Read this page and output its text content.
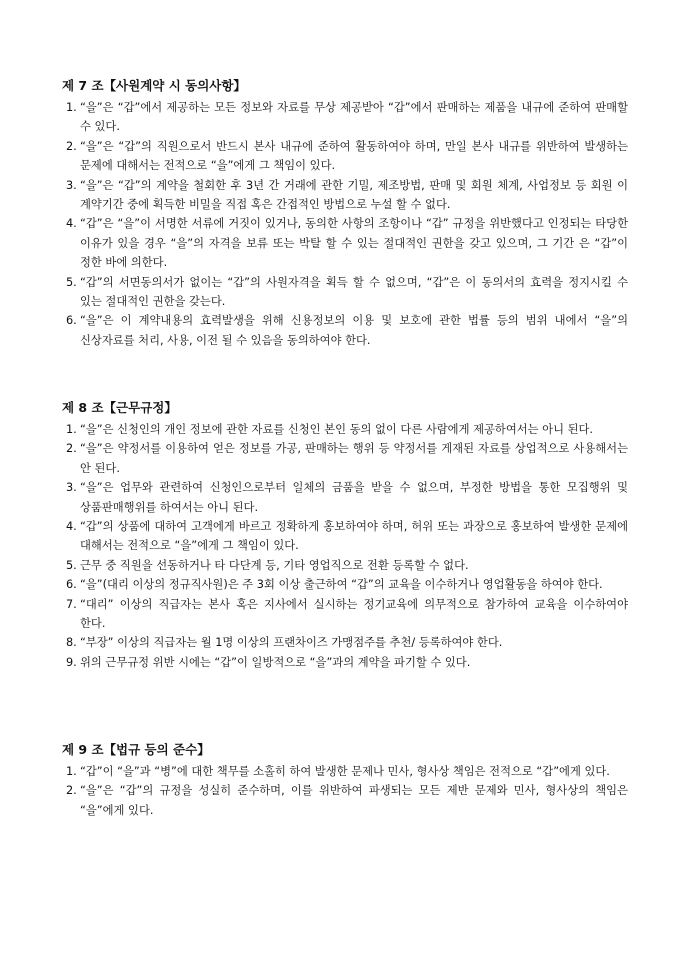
제 7 조【사원계약 시 동의사항】
1. “을”은 “갑”에서 제공하는 모든 정보와 자료를 무상 제공받아 “갑”에서 판매하는 제품을 내규에 준하여 판매할 수 있다.
2. “을”은 “갑”의 직원으로서 반드시 본사 내규에 준하여 활동하여야 하며, 만일 본사 내규를 위반하여 발생하는 문제에 대해서는 전적으로 “을”에게 그 책임이 있다.
3. “을”은 “갑”의 계약을 철회한 후 3년 간 거래에 관한 기밀, 제조방법, 판매 및 회원 체계, 사업정보 등 회원 이 계약기간 중에 획득한 비밀을 직접 혹은 간접적인 방법으로 누설 할 수 없다.
4. “갑”은 “을”이 서명한 서류에 거짓이 있거나, 동의한 사항의 조항이나 “갑” 규정을 위반했다고 인정되는 타당한 이유가 있을 경우 “을”의 자격을 보류 또는 박탈 할 수 있는 절대적인 권한을 갖고 있으며, 그 기간 은 “갑”이 정한 바에 의한다.
5. “갑”의 서면동의서가 없이는 “갑”의 사원자격을 획득 할 수 없으며, “갑”은 이 동의서의 효력을 정지시킬 수 있는 절대적인 권한을 갖는다.
6. “을”은 이 계약내용의 효력발생을 위해 신용정보의 이용 및 보호에 관한 법률 등의 범위 내에서 “을”의 신상자료를 처리, 사용, 이전 될 수 있음을 동의하여야 한다.
제 8 조【근무규정】
1. “을”은 신청인의 개인 정보에 관한 자료를 신청인 본인 동의 없이 다른 사람에게 제공하여서는 아니 된다.
2. “을”은 약정서를 이용하여 얻은 정보를 가공, 판매하는 행위 등 약정서를 게재된 자료를 상업적으로 사용해서는 안 된다.
3. “을”은 업무와 관련하여 신청인으로부터 일체의 금품을 받을 수 없으며, 부정한 방법을 통한 모집행위 및 상품판매행위를 하여서는 아니 된다.
4. “갑”의 상품에 대하여 고객에게 바르고 정확하게 홍보하여야 하며, 허위 또는 과장으로 홍보하여 발생한 문제에 대해서는 전적으로 “을”에게 그 책임이 있다.
5. 근무 중 직원을 선동하거나 타 다단계 등, 기타 영업직으로 전환 등록할 수 없다.
6. “을”(대리 이상의 정규직사원)은 주 3회 이상 출근하여 “갑”의 교육을 이수하거나 영업활동을 하여야 한다.
7. “대리” 이상의 직급자는 본사 혹은 지사에서 실시하는 정기교육에 의무적으로 참가하여 교육을 이수하여야 한다.
8. “부장” 이상의 직급자는 월 1명 이상의 프랜차이즈 가맹점주를 추천/ 등록하여야 한다.
9. 위의 근무규정 위반 시에는 “갑”이 일방적으로 “을”과의 계약을 파기할 수 있다.
제 9 조【법규 등의 준수】
1. “갑”이 “을”과 “병”에 대한 책무를 소홀히 하여 발생한 문제나 민사, 형사상 책임은 전적으로 “갑”에게 있다.
2. “을”은 “갑”의 규정을 성실히 준수하며, 이를 위반하여 파생되는 모든 제반 문제와 민사, 형사상의 책임은 “을”에게 있다.
